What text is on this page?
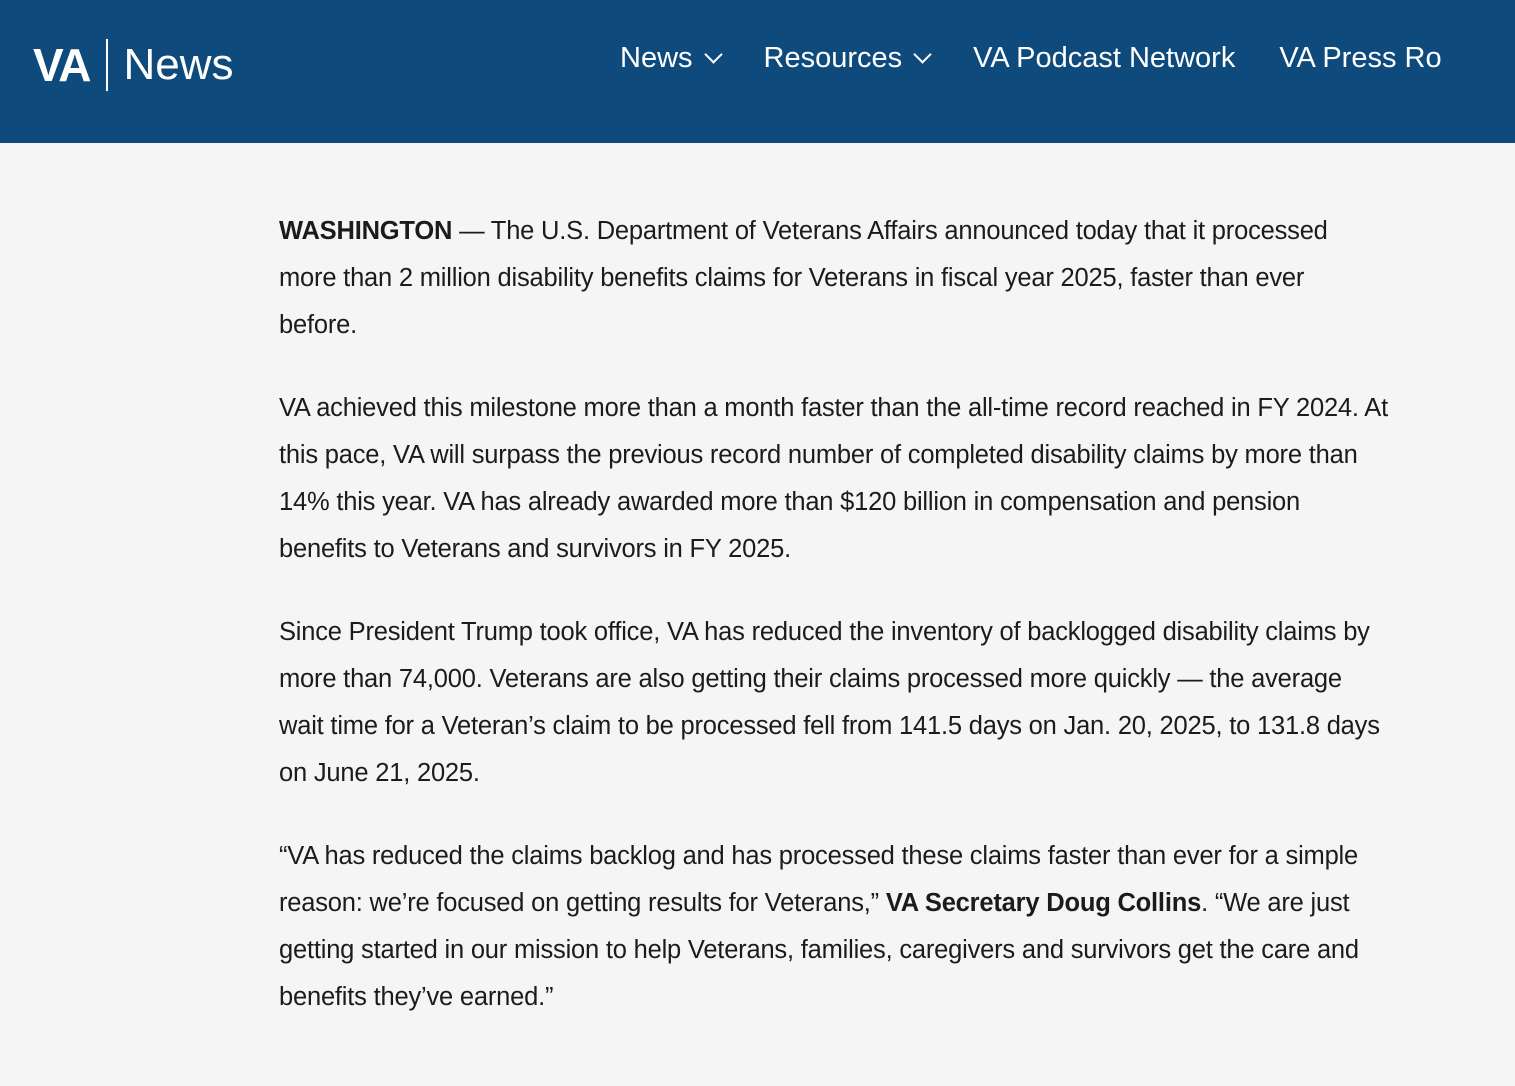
VA News	News Resources VA Podcast Network VA Press Ro

WASHINGTON — The U.S. Department of Veterans Affairs announced today that it processed more than 2 million disability benefits claims for Veterans in fiscal year 2025, faster than ever before.

VA achieved this milestone more than a month faster than the all-time record reached in FY 2024. At this pace, VA will surpass the previous record number of completed disability claims by more than 14% this year. VA has already awarded more than $120 billion in compensation and pension benefits to Veterans and survivors in FY 2025.

Since President Trump took office, VA has reduced the inventory of backlogged disability claims by more than 74,000. Veterans are also getting their claims processed more quickly — the average wait time for a Veteran’s claim to be processed fell from 141.5 days on Jan. 20, 2025, to 131.8 days on June 21, 2025.

“VA has reduced the claims backlog and has processed these claims faster than ever for a simple reason: we’re focused on getting results for Veterans,” VA Secretary Doug Collins. “We are just getting started in our mission to help Veterans, families, caregivers and survivors get the care and benefits they’ve earned.”
